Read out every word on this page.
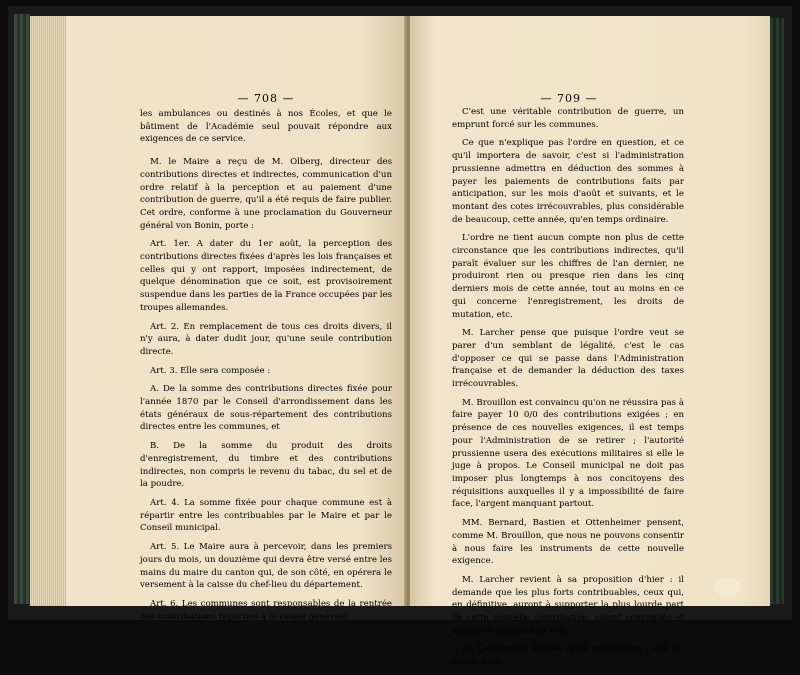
— 708 —

les ambulances ou destinés à nos Écoles, et que le bâtiment de l'Académie seul pouvait répondre aux exigences de ce service.

M. le Maire a reçu de M. Olberg, directeur des contributions directes et indirectes, communication d'un ordre relatif à la perception et au paiement d'une contribution de guerre, qu'il a été requis de faire publier. Cet ordre, conforme à une proclamation du Gouverneur général von Bonin, porte :

Art. 1er. A dater du 1er août, la perception des contributions directes fixées d'après les lois françaises et celles qui y ont rapport, imposées indirectement, de quelque dénomination que ce soit, est provisoirement suspendue dans les parties de la France occupées par les troupes allemandes.

Art. 2. En remplacement de tous ces droits divers, il n'y aura, à dater dudit jour, qu'une seule contribution directe.

Art. 3. Elle sera composée :

A. De la somme des contributions directes fixée pour l'année 1870 par le Conseil d'arrondissement dans les états généraux de sous-répartement des contributions directes entre les communes, et

B. De la somme du produit des droits d'enregistrement, du timbre et des contributions indirectes, non compris le revenu du tabac, du sel et de la poudre.

Art. 4. La somme fixée pour chaque commune est à répartir entre les contribuables par le Maire et par le Conseil municipal.

Art. 5. Le Maire aura à percevoir, dans les premiers jours du mois, un douzième qui devra être versé entre les mains du maire du canton qui, de son côté, en opérera le versement à la caisse du chef-lieu du département.

Art. 6. Les communes sont responsables de la rentrée des contributions réparties à la caisse générale.

— 709 —

C'est une véritable contribution de guerre, un emprunt forcé sur les communes.

Ce que n'explique pas l'ordre en question, et ce qu'il importera de savoir, c'est si l'administration prussienne admettra en déduction des sommes à payer les paiements de contributions faits par anticipation, sur les mois d'août et suivants, et le montant des cotes irrécouvrables, plus considérable de beaucoup, cette année, qu'en temps ordinaire.

L'ordre ne tient aucun compte non plus de cette circonstance que les contributions indirectes, qu'il paraît évaluer sur les chiffres de l'an dernier, ne produiront rien ou presque rien dans les cinq derniers mois de cette année, tout au moins en ce qui concerne l'enregistrement, les droits de mutation, etc.

M. Larcher pense que puisque l'ordre veut se parer d'un semblant de légalité, c'est le cas d'opposer ce qui se passe dans l'Administration française et de demander la déduction des taxes irrécouvrables.

M. Brouillon est convaincu qu'on ne réussira pas à faire payer 10 0/0 des contributions exigées ; en présence de ces nouvelles exigences, il est temps pour l'Administration de se retirer ; l'autorité prussienne usera des exécutions militaires si elle le juge à propos. Le Conseil municipal ne doit pas imposer plus longtemps à nos concitoyens des réquisitions auxquelles il y a impossibilité de faire face, l'argent manquant partout.

MM. Bernard, Bastien et Ottenheimer pensent, comme M. Brouillon, que nous ne pouvons consentir à nous faire les instruments de cette nouvelle exigence.

M. Larcher revient à sa proposition d'hier : il demande que les plus forts contribuables, ceux qui, en définitive, auront à supporter la plus lourde part de cette nouvelle contribution, soient convoqués et appelés à donner leur avis.

M. Lenormand appuie cette proposition ; elle lui paraît d'au-
